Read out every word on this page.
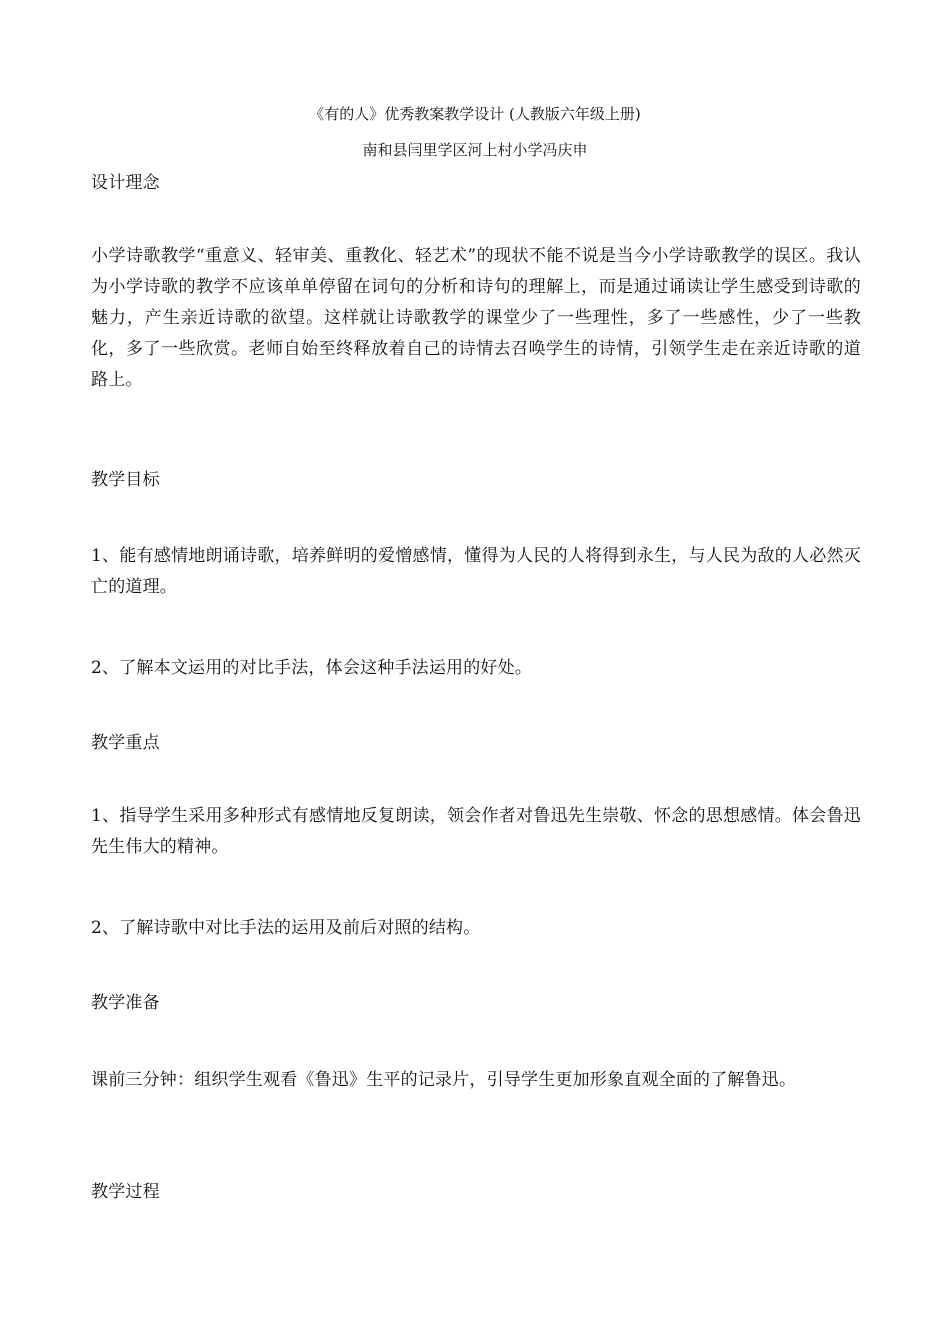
《有的人》优秀教案教学设计 (人教版六年级上册)
南和县闫里学区河上村小学冯庆申
设计理念
小学诗歌教学“重意义、轻审美、重教化、轻艺术”的现状不能不说是当今小学诗歌教学的误区。我认为小学诗歌的教学不应该单单停留在词句的分析和诗句的理解上，而是通过诵读让学生感受到诗歌的魅力，产生亲近诗歌的欲望。这样就让诗歌教学的课堂少了一些理性，多了一些感性，少了一些教化，多了一些欣赏。老师自始至终释放着自己的诗情去召唤学生的诗情，引领学生走在亲近诗歌的道路上。
教学目标
1、能有感情地朗诵诗歌，培养鲜明的爱憎感情，懂得为人民的人将得到永生，与人民为敌的人必然灭亡的道理。
2、了解本文运用的对比手法，体会这种手法运用的好处。
教学重点
1、指导学生采用多种形式有感情地反复朗读，领会作者对鲁迅先生崇敬、怀念的思想感情。体会鲁迅先生伟大的精神。
2、了解诗歌中对比手法的运用及前后对照的结构。
教学准备
课前三分钟：组织学生观看《鲁迅》生平的记录片，引导学生更加形象直观全面的了解鲁迅。
教学过程
